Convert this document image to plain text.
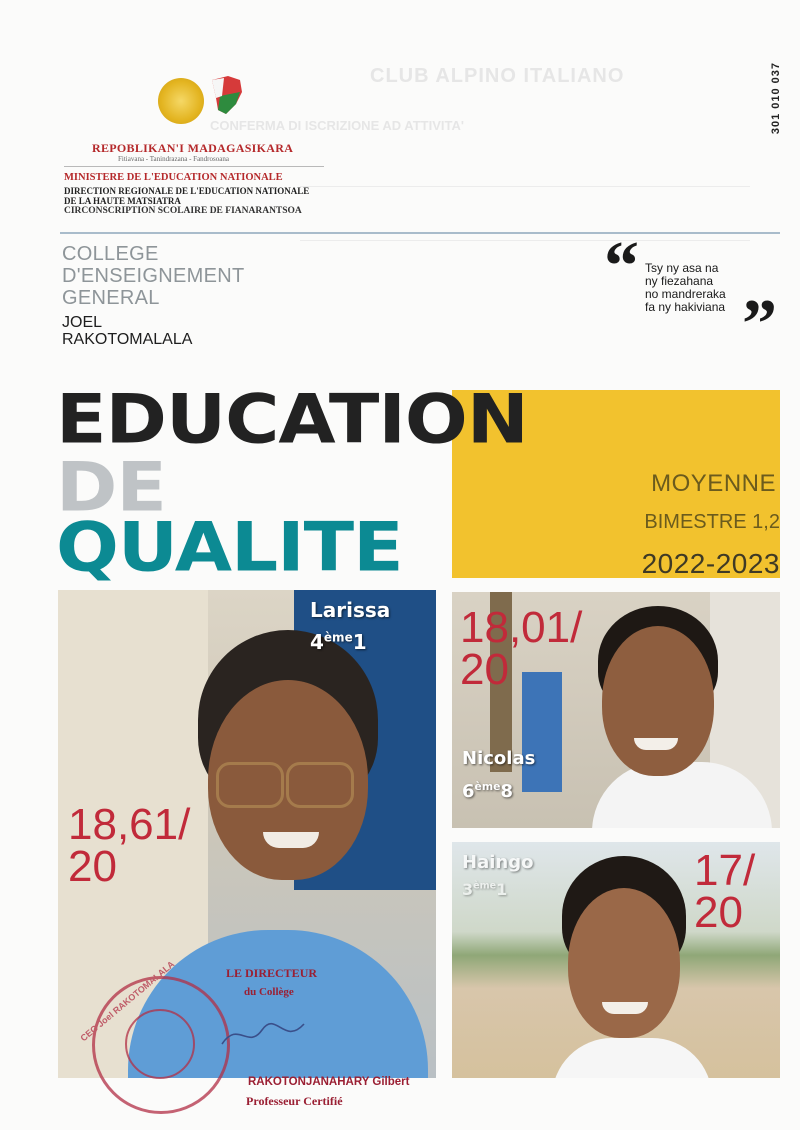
CLUB ALPINO ITALIANO
CONFERMA DI ISCRIZIONE AD ATTIVITA'	301 010 037
REPOBLIKAN'I MADAGASIKARA
Fitiavana - Tanindrazana - Fandrosoana
MINISTERE DE L'EDUCATION NATIONALE
DIRECTION REGIONALE DE L'EDUCATION NATIONALE
DE LA HAUTE MATSIATRA
CIRCONSCRIPTION SCOLAIRE DE FIANARANTSOA
COLLEGE
D'ENSEIGNEMENT
GENERAL
JOEL
RAKOTOMALALA
“ Tsy ny asa na
ny fiezahana
no mandreraka
fa ny hakiviana ”
MOYENNE
BIMESTRE 1,2
2022-2023
EDUCATION
DE
QUALITE
Larissa
4ème1
18,61/
20
Nicolas
6ème8
18,01/
20
Haingo
3ème1	17/
20
CEG Joel RAKOTOMALALA	LE DIRECTEUR
du Collège
RAKOTONJANAHARY Gilbert
Professeur Certifié
